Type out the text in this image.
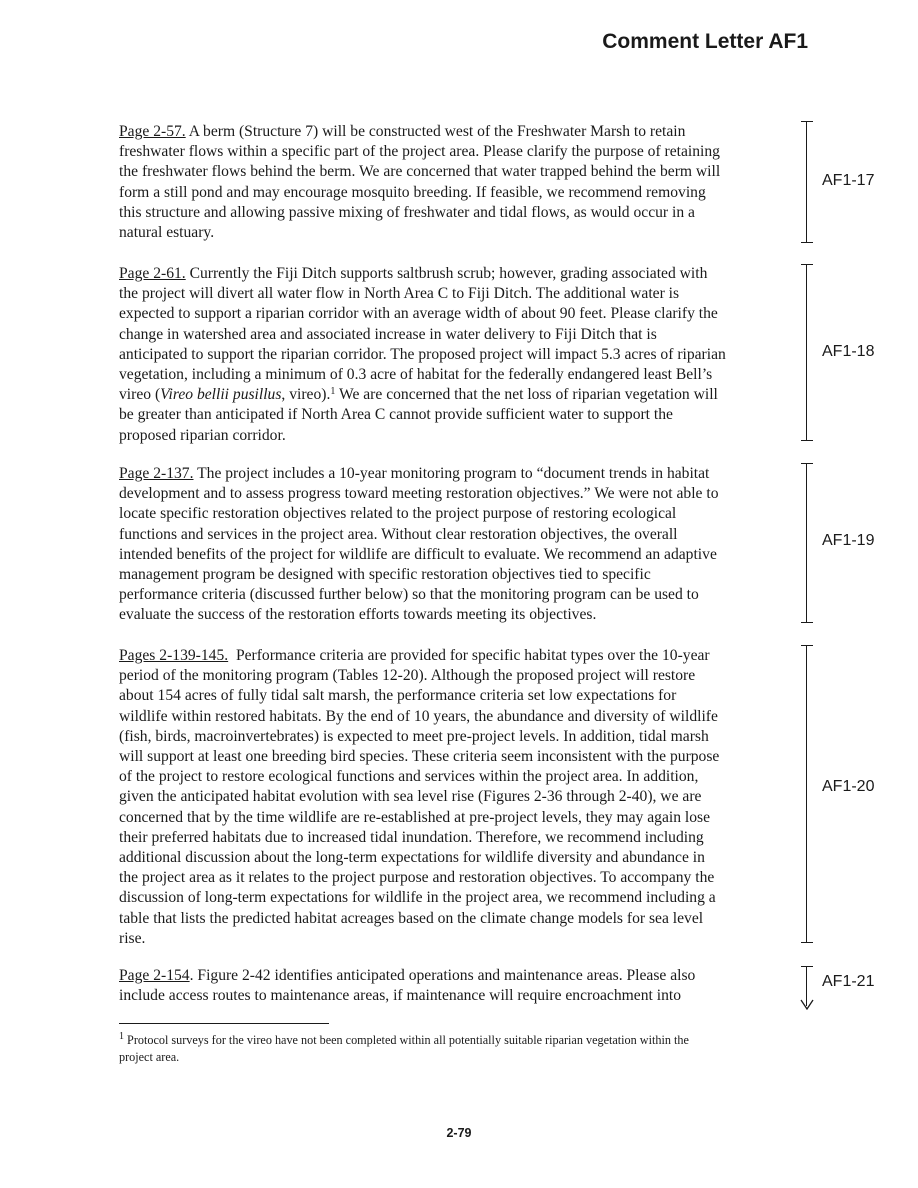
Comment Letter AF1

Page 2-57. A berm (Structure 7) will be constructed west of the Freshwater Marsh to retain
freshwater flows within a specific part of the project area. Please clarify the purpose of retaining
the freshwater flows behind the berm. We are concerned that water trapped behind the berm will
form a still pond and may encourage mosquito breeding. If feasible, we recommend removing
this structure and allowing passive mixing of freshwater and tidal flows, as would occur in a
natural estuary.

AF1-17

Page 2-61. Currently the Fiji Ditch supports saltbrush scrub; however, grading associated with
the project will divert all water flow in North Area C to Fiji Ditch. The additional water is
expected to support a riparian corridor with an average width of about 90 feet. Please clarify the
change in watershed area and associated increase in water delivery to Fiji Ditch that is
anticipated to support the riparian corridor. The proposed project will impact 5.3 acres of riparian
vegetation, including a minimum of 0.3 acre of habitat for the federally endangered least Bell’s
vireo (Vireo bellii pusillus, vireo).$^1$ We are concerned that the net loss of riparian vegetation will
be greater than anticipated if North Area C cannot provide sufficient water to support the
proposed riparian corridor.

AF1-18

Page 2-137. The project includes a 10-year monitoring program to “document trends in habitat
development and to assess progress toward meeting restoration objectives.” We were not able to
locate specific restoration objectives related to the project purpose of restoring ecological
functions and services in the project area. Without clear restoration objectives, the overall
intended benefits of the project for wildlife are difficult to evaluate. We recommend an adaptive
management program be designed with specific restoration objectives tied to specific
performance criteria (discussed further below) so that the monitoring program can be used to
evaluate the success of the restoration efforts towards meeting its objectives.

AF1-19

Pages 2-139-145.  Performance criteria are provided for specific habitat types over the 10-year
period of the monitoring program (Tables 12-20). Although the proposed project will restore
about 154 acres of fully tidal salt marsh, the performance criteria set low expectations for
wildlife within restored habitats. By the end of 10 years, the abundance and diversity of wildlife
(fish, birds, macroinvertebrates) is expected to meet pre-project levels. In addition, tidal marsh
will support at least one breeding bird species. These criteria seem inconsistent with the purpose
of the project to restore ecological functions and services within the project area. In addition,
given the anticipated habitat evolution with sea level rise (Figures 2-36 through 2-40), we are
concerned that by the time wildlife are re-established at pre-project levels, they may again lose
their preferred habitats due to increased tidal inundation. Therefore, we recommend including
additional discussion about the long-term expectations for wildlife diversity and abundance in
the project area as it relates to the project purpose and restoration objectives. To accompany the
discussion of long-term expectations for wildlife in the project area, we recommend including a
table that lists the predicted habitat acreages based on the climate change models for sea level
rise.

AF1-20

Page 2-154. Figure 2-42 identifies anticipated operations and maintenance areas. Please also
include access routes to maintenance areas, if maintenance will require encroachment into

AF1-21

$^1$ Protocol surveys for the vireo have not been completed within all potentially suitable riparian vegetation within the
project area.

2-79
